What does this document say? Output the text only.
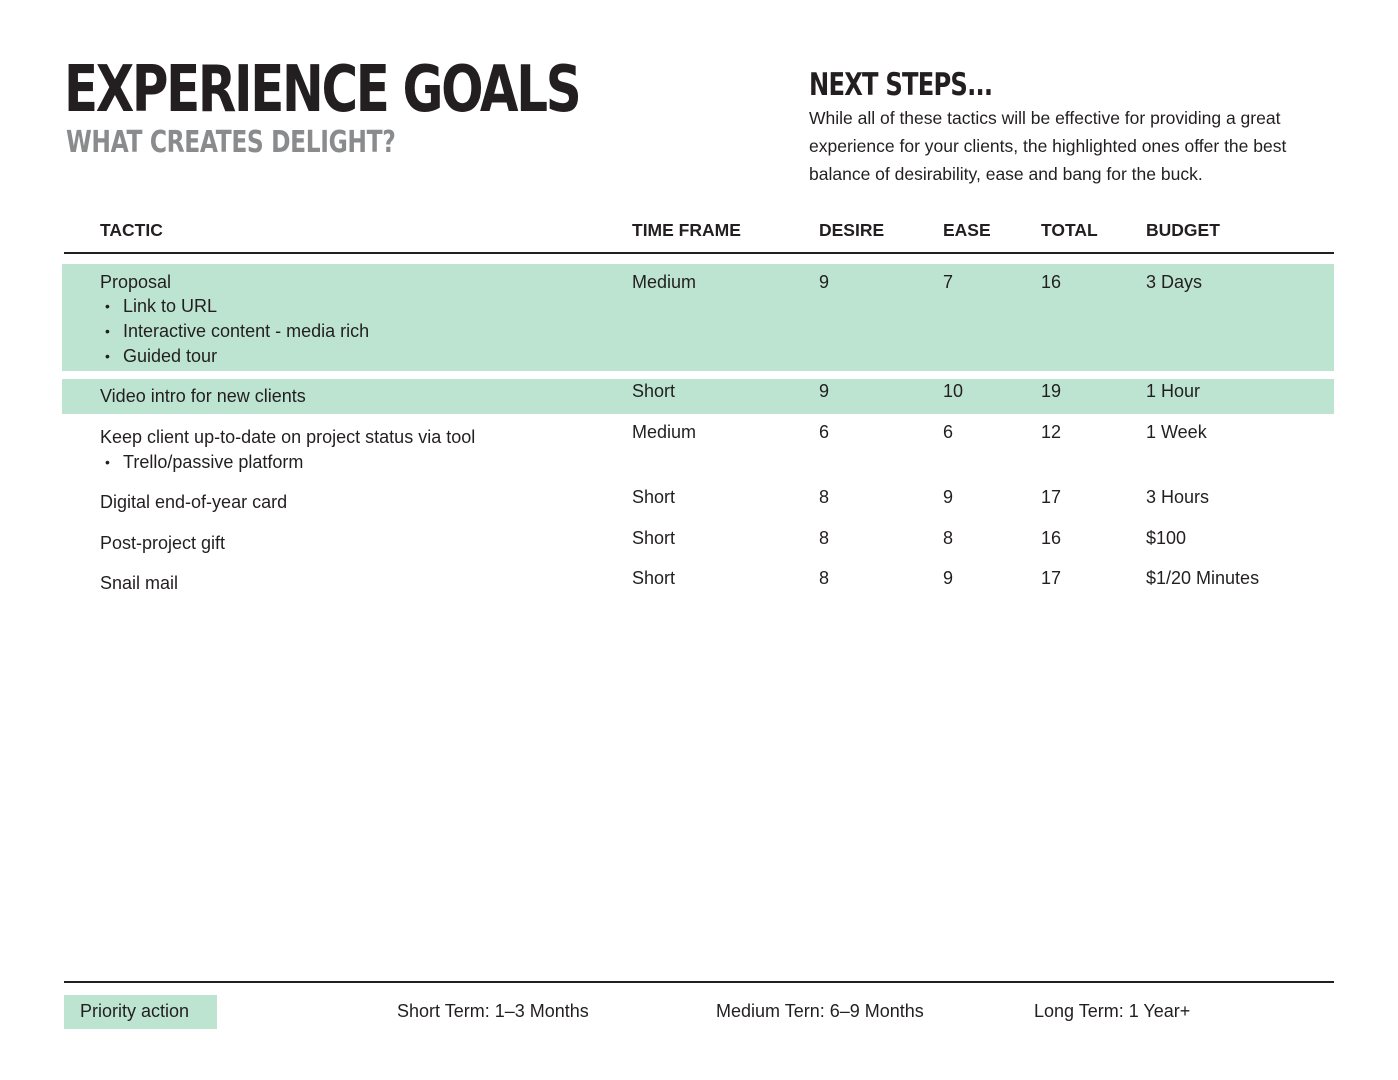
EXPERIENCE GOALS
WHAT CREATES DELIGHT?
NEXT STEPS...

While all of these tactics will be effective for providing a great experience for your clients, the highlighted ones offer the best balance of desirability, ease and bang for the buck.

TACTIC	TIME FRAME	DESIRE	EASE	TOTAL	BUDGET
Proposal
• Link to URL
• Interactive content - media rich
• Guided tour
Medium	9	7	16	3 Days
Video intro for new clients	Short	9	10	19	1 Hour
Keep client up-to-date on project status via tool
• Trello/passive platform
Medium	6	6	12	1 Week
Digital end-of-year card	Short	8	9	17	3 Hours
Post-project gift	Short	8	8	16	$100
Snail mail	Short	8	9	17	$1/20 Minutes
Priority action	Short Term: 1–3 Months	Medium Tern: 6–9 Months	Long Term: 1 Year+
